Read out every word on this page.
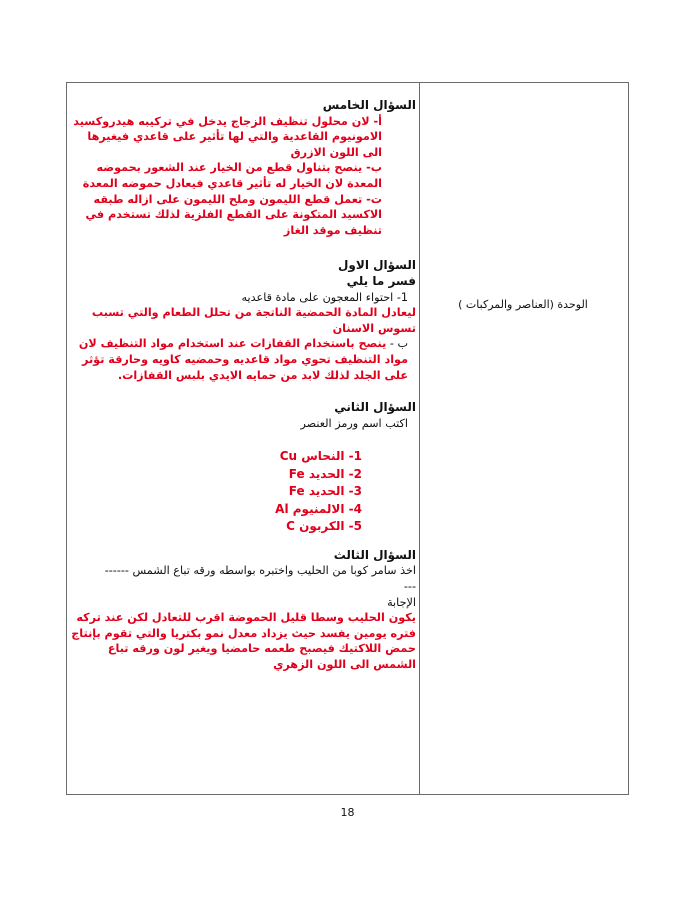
الوحدة (العناصر والمركبات )

السؤال الخامس

أ- لان محلول تنظيف الزجاج يدخل في تركيبه هيدروكسيد الامونيوم القاعدية والتي لها تأثير على قاعدي فيغيرها الى اللون الازرق

ب- ينصح بتناول قطع من الخيار عند الشعور بحموضه المعدة لان الخيار له تأثير قاعدي فيعادل حموضه المعدة

ت- تعمل قطع الليمون وملح الليمون على ازاله طبقه الاكسيد المتكونة على القطع الفلزية لذلك تستخدم في تنظيف موقد الغاز

السؤال الاول

فسر ما يلي

1- احتواء المعجون على مادة قاعديه

ليعادل المادة الحمضية الناتجة من تحلل الطعام والتي تسبب تسوس الاسنان

ب - ينصح باستخدام القفازات عند استخدام مواد التنظيف لان مواد التنظيف تحوي مواد قاعديه وحمضيه كاويه وحارقة تؤثر على الجلد لذلك لابد من حمايه الايدي بلبس القفازات.

السؤال الثاني

اكتب اسم ورمز العنصر

1- النحاس Cu

2- الحديد Fe

3- الحديد Fe

4- الالمنيوم Al

5- الكربون C

السؤال الثالث

اخذ سامر كوبا من الحليب واختبره بواسطه ورقه تباع الشمس ------

---

الإجابة

يكون الحليب وسطا قليل الحموضة اقرب للتعادل لكن عند تركه فتره يومين يفسد حيث يزداد معدل نمو بكتريا والتي تقوم بإنتاج حمض اللاكتيك فيصبح طعمه حامضيا ويغير لون ورقه تباع الشمس الى اللون الزهري

18
